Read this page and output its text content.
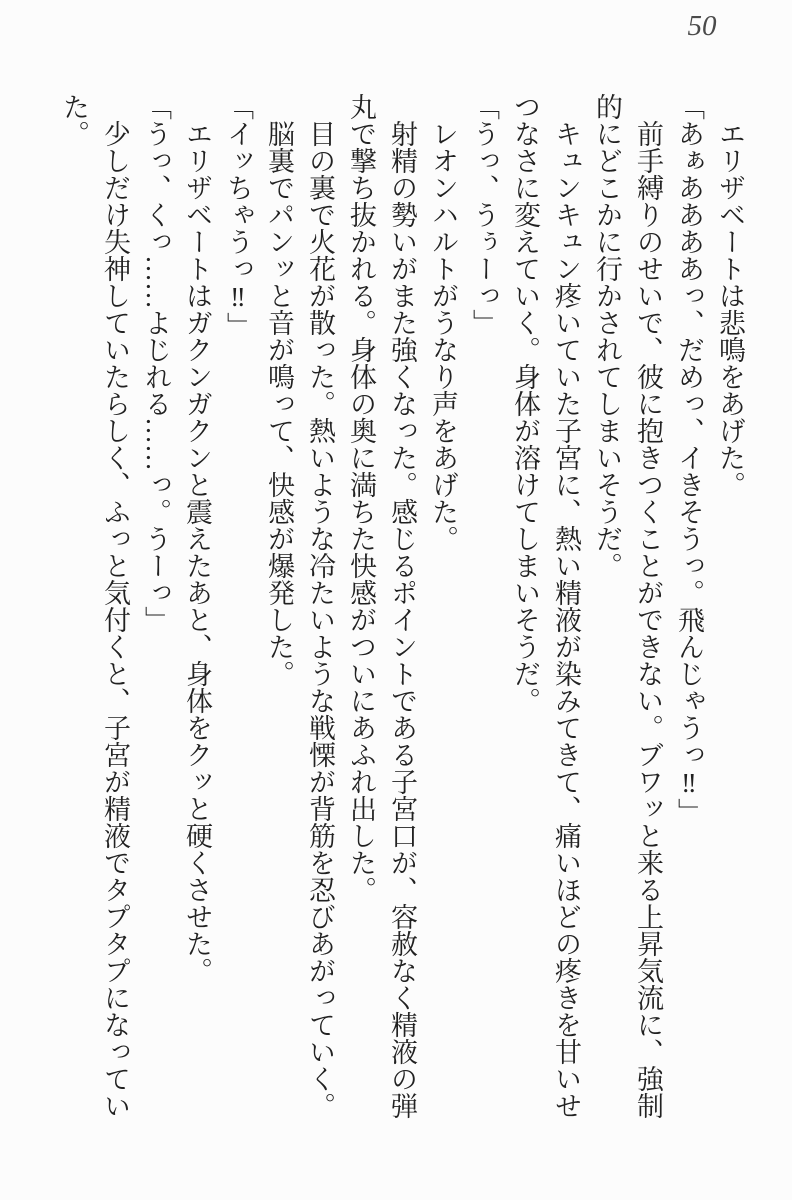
50

エリザベートは悲鳴をあげた。

「あぁああああっ、だめっ、イきそうっ。飛んじゃうっ‼」

前手縛りのせいで、彼に抱きつくことができない。ブワッと来る上昇気流に、強制的にどこかに行かされてしまいそうだ。

キュンキュン疼いていた子宮に、熱い精液が染みてきて、痛いほどの疼きを甘いせつなさに変えていく。身体が溶けてしまいそうだ。

「うっ、うぅーっ」

レオンハルトがうなり声をあげた。

射精の勢いがまた強くなった。感じるポイントである子宮口が、容赦なく精液の弾丸で撃ち抜かれる。身体の奥に満ちた快感がついにあふれ出した。

目の裏で火花が散った。熱いような冷たいような戦慄が背筋を忍びあがっていく。

脳裏でパンッと音が鳴って、快感が爆発した。

「イッちゃうっ‼」

エリザベートはガクンガクンと震えたあと、身体をクッと硬くさせた。

「うっ、くっ……よじれる……っ。うーっ」

少しだけ失神していたらしく、ふっと気付くと、子宮が精液でタプタプになっていた。
